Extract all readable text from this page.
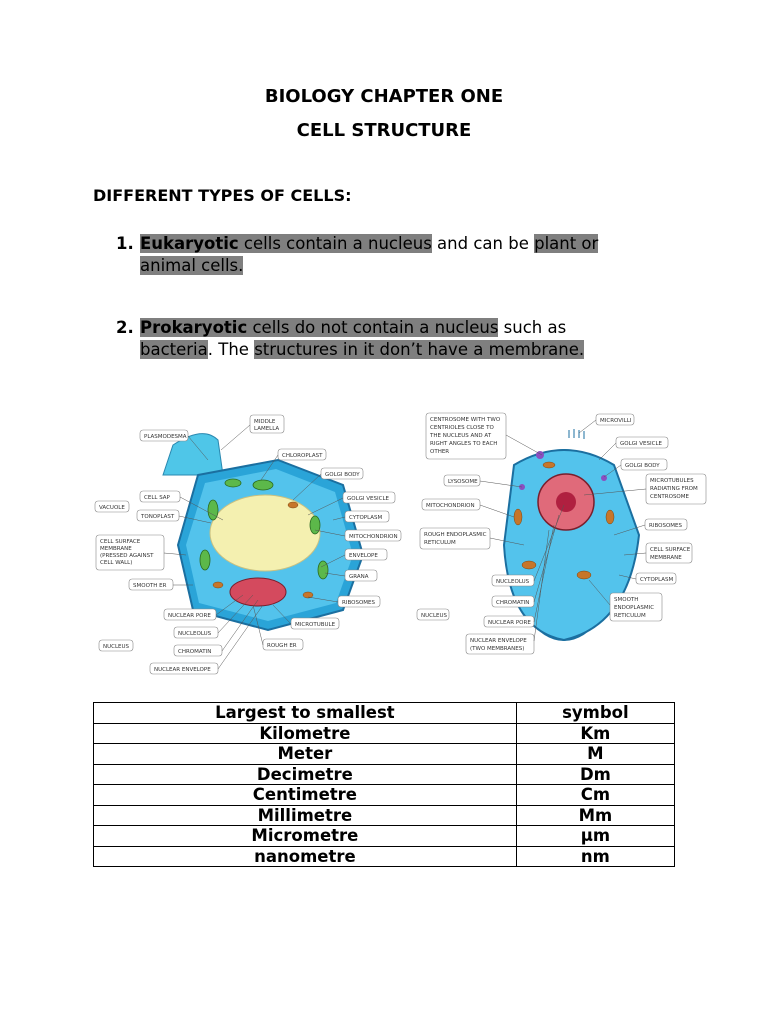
BIOLOGY CHAPTER ONE
CELL STRUCTURE
DIFFERENT TYPES OF CELLS:
1. Eukaryotic cells contain a nucleus and can be plant or
animal cells.
2. Prokaryotic cells do not contain a nucleus such as
bacteria. The structures in it don’t have a membrane.
PLASMODESMA
MIDDLE
LAMELLA
CHLOROPLAST
GOLGI BODY
GOLGI VESICLE
CYTOPLASM
MITOCHONDRION
ENVELOPE
GRANA
RIBOSOMES
MICROTUBULE
ROUGH ER
CELL SAP
VACUOLE
TONOPLAST
CELL SURFACE
MEMBRANE
(PRESSED AGAINST
CELL WALL)
SMOOTH ER
NUCLEAR PORE
NUCLEOLUS
NUCLEUS
CHROMATIN
NUCLEAR ENVELOPE
CENTROSOME WITH TWO
CENTRIOLES CLOSE TO
THE NUCLEUS AND AT
RIGHT ANGLES TO EACH
OTHER
MICROVILLI
GOLGI VESICLE
GOLGI BODY
LYSOSOME	MICROTUBULES
RADIATING FROM
CENTROSOME
MITOCHONDRION
RIBOSOMES
ROUGH ENDOPLASMIC
RETICULUM
CELL SURFACE
MEMBRANE
CYTOPLASM
NUCLEOLUS
CHROMATIN	SMOOTH
ENDOPLASMIC
RETICULUM
NUCLEUS
NUCLEAR PORE
NUCLEAR ENVELOPE
(TWO MEMBRANES)
Largest to smallest	symbol
Kilometre	Km
Meter	M
Decimetre	Dm
Centimetre	Cm
Millimetre	Mm
Micrometre	µm
nanometre	nm
